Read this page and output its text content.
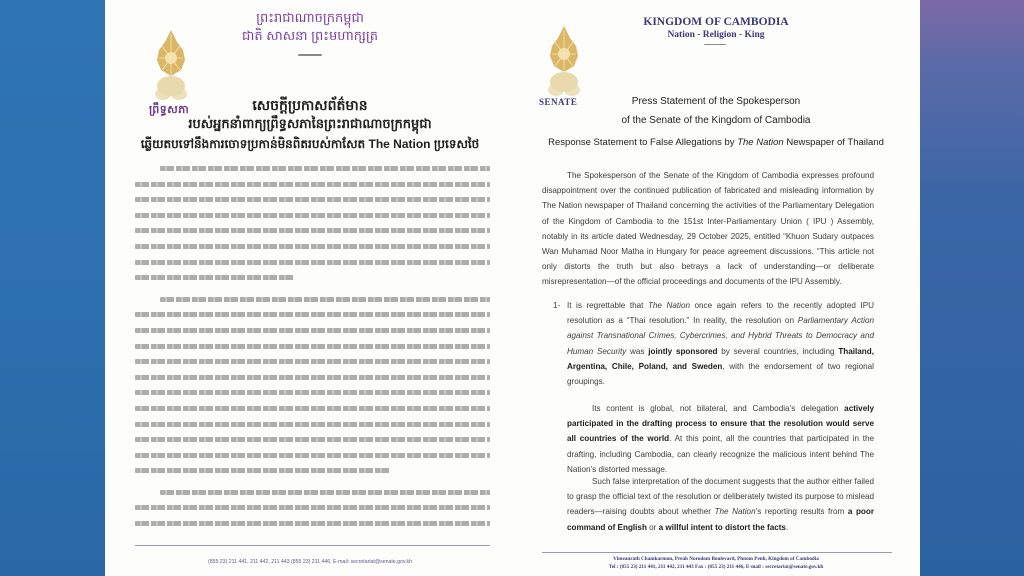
ព្រះរាជាណាចក្រកម្ពុជា
ជាតិ សាសនា ព្រះមហាក្សត្រ
ព្រឹទ្ធសភា	សេចក្ដីប្រកាសព័ត៌មាន
របស់អ្នកនាំពាក្យព្រឹទ្ធសភានៃព្រះរាជាណាចក្រកម្ពុជា
ឆ្លើយតបទៅនឹងការចោទប្រកាន់មិនពិតរបស់កាសែត The Nation ប្រទេសថៃ
(855 23) 211 441, 211 442, 211 443 (855 23) 211 446, E-mail: secretariat@senate.gov.kh
KINGDOM OF CAMBODIA
Nation - Religion - King
SENATE	Press Statement of the Spokesperson
of the Senate of the Kingdom of Cambodia
Response Statement to False Allegations by The Nation Newspaper of Thailand

The Spokesperson of the Senate of the Kingdom of Cambodia expresses profound disappointment over the continued publication of fabricated and misleading information by The Nation newspaper of Thailand concerning the activities of the Parliamentary Delegation of the Kingdom of Cambodia to the 151st Inter-Parliamentary Union ( IPU ) Assembly, notably in its article dated Wednesday, 29 October 2025, entitled “Khuon Sudary outpaces Wan Muhamad Noor Matha in Hungary for peace agreement discussions. “This article not only distorts the truth but also betrays a lack of understanding—or deliberate misrepresentation—of the official proceedings and documents of the IPU Assembly.

1- It is regrettable that The Nation once again refers to the recently adopted IPU resolution as a “Thai resolution.” In reality, the resolution on Parliamentary Action against Transnational Crimes, Cybercrimes, and Hybrid Threats to Democracy and Human Security was jointly sponsored by several countries, including Thailand, Argentina, Chile, Poland, and Sweden, with the endorsement of two regional groupings.

Its content is global, not bilateral, and Cambodia’s delegation actively participated in the drafting process to ensure that the resolution would serve all countries of the world. At this point, all the countries that participated in the drafting, including Cambodia, can clearly recognize the malicious intent behind The Nation’s distorted message.

Such false interpretation of the document suggests that the author either failed to grasp the official text of the resolution or deliberately twisted its purpose to mislead readers—raising doubts about whether The Nation’s reporting results from a poor command of English or a willful intent to distort the facts.

Vimeanrath Chamkarmon, Preah Norodom Boulevard, Phnom Penh, Kingdom of Cambodia
Tel : (855 23) 211 441, 211 442, 211 443 Fax : (855 23) 211 446, E-mail : secretariat@senate.gov.kh
